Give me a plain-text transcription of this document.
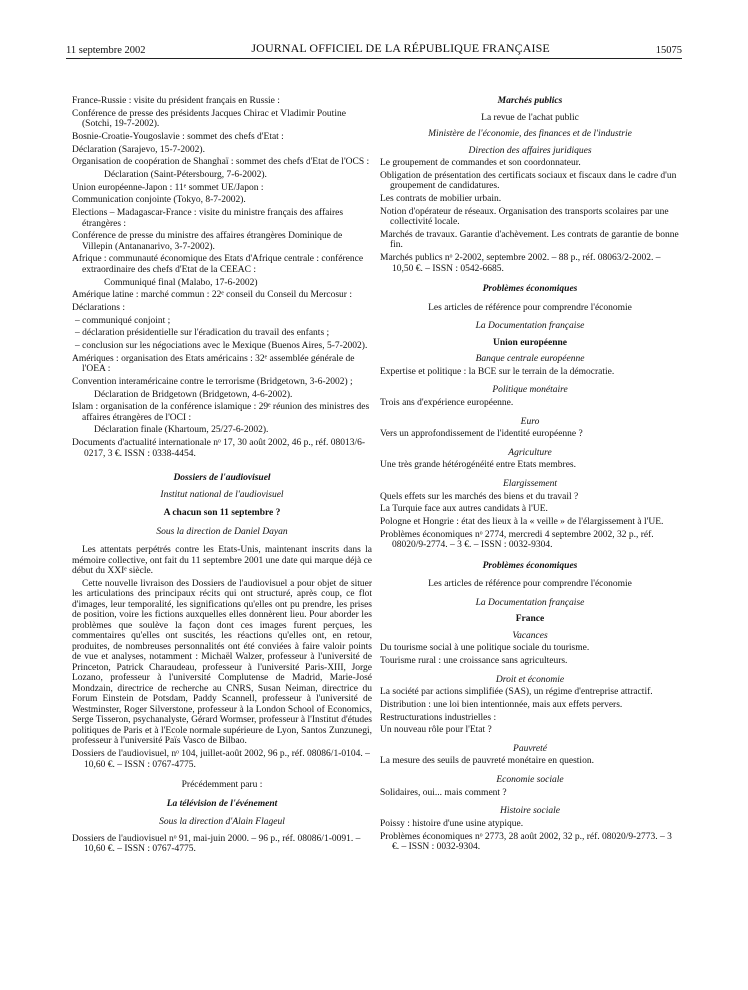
11 septembre 2002	JOURNAL OFFICIEL DE LA RÉPUBLIQUE FRANÇAISE	15075

France-Russie : visite du président français en Russie :

Conférence de presse des présidents Jacques Chirac et Vladimir Poutine (Sotchi, 19-7-2002).

Bosnie-Croatie-Yougoslavie : sommet des chefs d'Etat :

Déclaration (Sarajevo, 15-7-2002).

Organisation de coopération de Shanghaï : sommet des chefs d'Etat de l'OCS :

Déclaration (Saint-Pétersbourg, 7-6-2002).

Union européenne-Japon : 11ᵉ sommet UE/Japon :

Communication conjointe (Tokyo, 8-7-2002).

Elections – Madagascar-France : visite du ministre français des affaires étrangères :

Conférence de presse du ministre des affaires étrangères Dominique de Villepin (Antananarivo, 3-7-2002).

Afrique : communauté économique des Etats d'Afrique centrale : conférence extraordinaire des chefs d'Etat de la CEEAC :

Communiqué final (Malabo, 17-6-2002)

Amérique latine : marché commun : 22ᵉ conseil du Conseil du Mercosur :

Déclarations :

– communiqué conjoint ;

– déclaration présidentielle sur l'éradication du travail des enfants ;

– conclusion sur les négociations avec le Mexique (Buenos Aires, 5-7-2002).

Amériques : organisation des Etats américains : 32ᵉ assemblée générale de l'OEA :

Convention interaméricaine contre le terrorisme (Bridgetown, 3-6-2002) ;

Déclaration de Bridgetown (Bridgetown, 4-6-2002).

Islam : organisation de la conférence islamique : 29ᵉ réunion des ministres des affaires étrangères de l'OCI :

Déclaration finale (Khartoum, 25/27-6-2002).

Documents d'actualité internationale nᵒ 17, 30 août 2002, 46 p., réf. 08013/6-0217, 3 €. ISSN : 0338-4454.

Dossiers de l'audiovisuel

Institut national de l'audiovisuel

A chacun son 11 septembre ?

Sous la direction de Daniel Dayan

Les attentats perpétrés contre les Etats-Unis, maintenant inscrits dans la mémoire collective, ont fait du 11 septembre 2001 une date qui marque déjà ce début du XXIᵉ siècle.

Cette nouvelle livraison des Dossiers de l'audiovisuel a pour objet de situer les articulations des principaux récits qui ont structuré, après coup, ce flot d'images, leur temporalité, les significations qu'elles ont pu prendre, les prises de position, voire les fictions auxquelles elles donnèrent lieu. Pour aborder les problèmes que soulève la façon dont ces images furent perçues, les commentaires qu'elles ont suscités, les réactions qu'elles ont, en retour, produites, de nombreuses personnalités ont été conviées à faire valoir points de vue et analyses, notamment : Michaël Walzer, professeur à l'université de Princeton, Patrick Charaudeau, professeur à l'université Paris-XIII, Jorge Lozano, professeur à l'université Complutense de Madrid, Marie-José Mondzain, directrice de recherche au CNRS, Susan Neiman, directrice du Forum Einstein de Potsdam, Paddy Scannell, professeur à l'université de Westminster, Roger Silverstone, professeur à la London School of Economics, Serge Tisseron, psychanalyste, Gérard Wormser, professeur à l'Institut d'études politiques de Paris et à l'Ecole normale supérieure de Lyon, Santos Zunzunegi, professeur à l'université Païs Vasco de Bilbao.

Dossiers de l'audiovisuel, nᵒ 104, juillet-août 2002, 96 p., réf. 08086/1-0104. – 10,60 €. – ISSN : 0767-4775.

Précédemment paru :

La télévision de l'événement

Sous la direction d'Alain Flageul

Dossiers de l'audiovisuel nᵒ 91, mai-juin 2000. – 96 p., réf. 08086/1-0091. – 10,60 €. – ISSN : 0767-4775.

Marchés publics

La revue de l'achat public

Ministère de l'économie, des finances et de l'industrie

Direction des affaires juridiques

Le groupement de commandes et son coordonnateur.

Obligation de présentation des certificats sociaux et fiscaux dans le cadre d'un groupement de candidatures.

Les contrats de mobilier urbain.

Notion d'opérateur de réseaux. Organisation des transports scolaires par une collectivité locale.

Marchés de travaux. Garantie d'achèvement. Les contrats de garantie de bonne fin.

Marchés publics nᵒ 2-2002, septembre 2002. – 88 p., réf. 08063/2-2002. – 10,50 €. – ISSN : 0542-6685.

Problèmes économiques

Les articles de référence pour comprendre l'économie

La Documentation française

Union européenne

Banque centrale européenne

Expertise et politique : la BCE sur le terrain de la démocratie.

Politique monétaire

Trois ans d'expérience européenne.

Euro

Vers un approfondissement de l'identité européenne ?

Agriculture

Une très grande hétérogénéité entre Etats membres.

Elargissement

Quels effets sur les marchés des biens et du travail ?

La Turquie face aux autres candidats à l'UE.

Pologne et Hongrie : état des lieux à la « veille » de l'élargissement à l'UE.

Problèmes économiques nᵒ 2774, mercredi 4 septembre 2002, 32 p., réf. 08020/9-2774. – 3 €. – ISSN : 0032-9304.

Problèmes économiques

Les articles de référence pour comprendre l'économie

La Documentation française

France

Vacances

Du tourisme social à une politique sociale du tourisme.

Tourisme rural : une croissance sans agriculteurs.

Droit et économie

La société par actions simplifiée (SAS), un régime d'entreprise attractif.

Distribution : une loi bien intentionnée, mais aux effets pervers.

Restructurations industrielles :

Un nouveau rôle pour l'Etat ?

Pauvreté

La mesure des seuils de pauvreté monétaire en question.

Economie sociale

Solidaires, oui... mais comment ?

Histoire sociale

Poissy : histoire d'une usine atypique.

Problèmes économiques nᵒ 2773, 28 août 2002, 32 p., réf. 08020/9-2773. – 3 €. – ISSN : 0032-9304.
